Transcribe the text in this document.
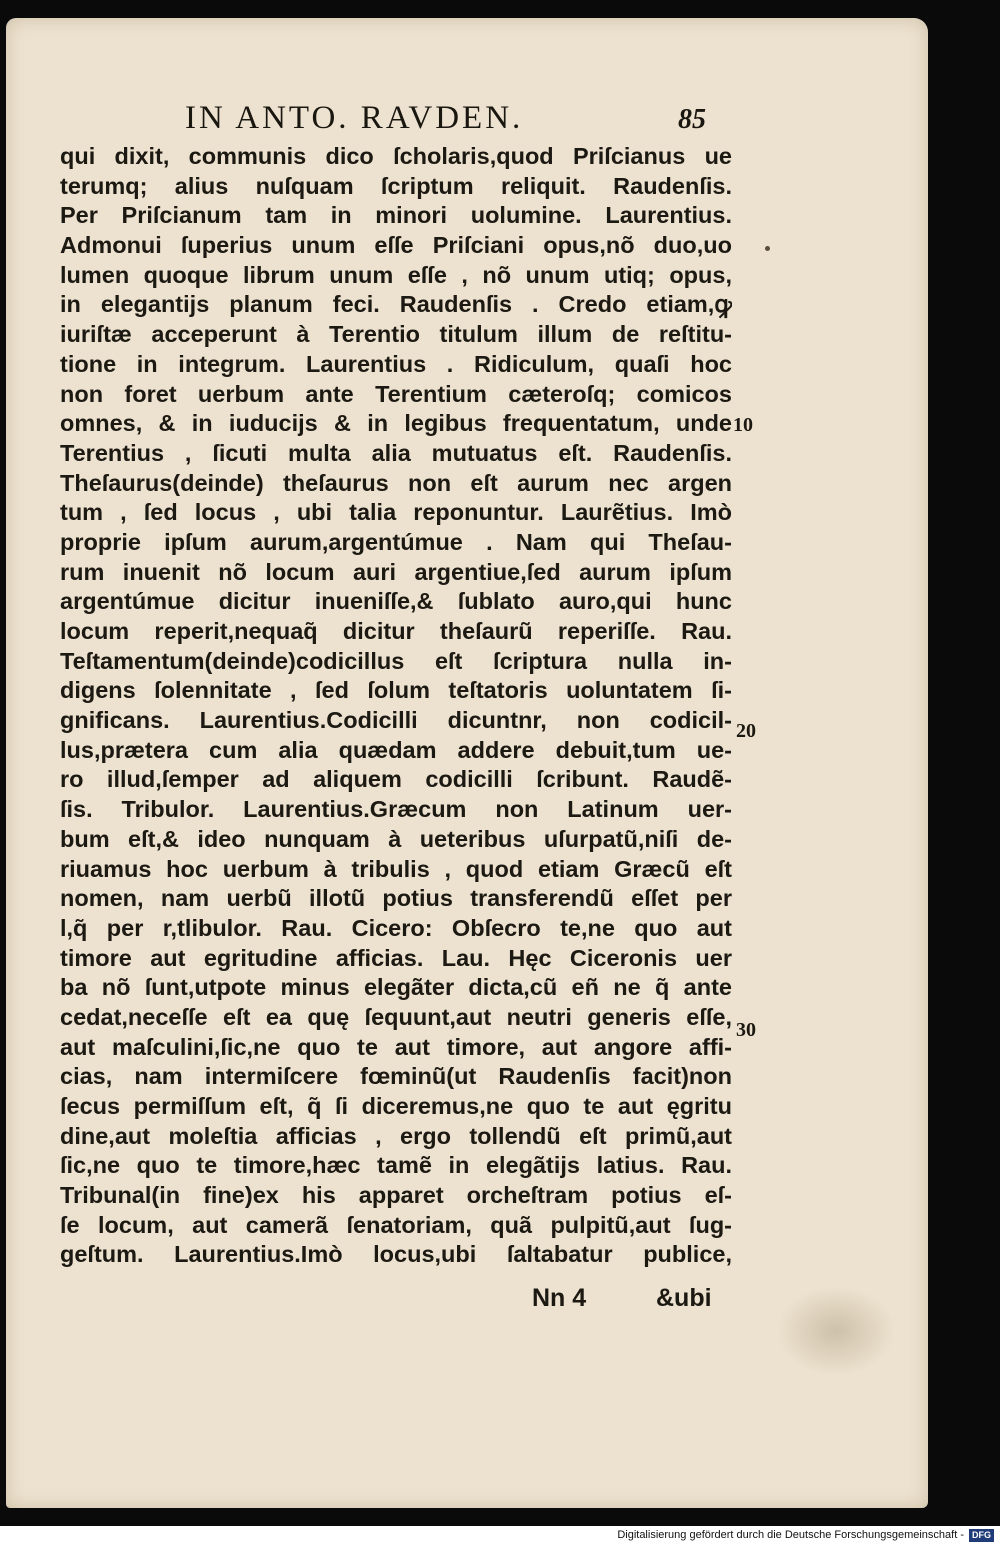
IN ANTO. RAVDEN.	85
qui dixit, communis dico ſcholaris,quod Priſcianus ue
terumq; alius nuſquam ſcriptum reliquit. Raudenſis.
Per Priſcianum tam in minori uolumine. Laurentius.
Admonui ſuperius unum eſſe Priſciani opus,nõ duo,uo
lumen quoque librum unum eſſe , nõ unum utiq; opus,
in elegantijs planum feci. Raudenſis . Credo etiam,ꝙ
iuriſtæ acceperunt à Terentio titulum illum de reſtitu-
tione in integrum. Laurentius . Ridiculum, quaſi hoc
non foret uerbum ante Terentium cæteroſq; comicos
omnes, & in iuducijs & in legibus frequentatum, unde
Terentius , ſicuti multa alia mutuatus eſt. Raudenſis.
Theſaurus(deinde) theſaurus non eſt aurum nec argen
tum , ſed locus , ubi talia reponuntur. Laurẽtius. Imò
proprie ipſum aurum,argentúmue . Nam qui Theſau-
rum inuenit nõ locum auri argentiue,ſed aurum ipſum
argentúmue dicitur inueniſſe,& ſublato auro,qui hunc
locum reperit,nequaq̃ dicitur theſaurũ reperiſſe. Rau.
Teſtamentum(deinde)codicillus eſt ſcriptura nulla in-
digens ſolennitate , ſed ſolum teſtatoris uoluntatem ſi-
gnificans. Laurentius.Codicilli dicuntnr, non codicil-
lus,prætera cum alia quædam addere debuit,tum ue-
ro illud,ſemper ad aliquem codicilli ſcribunt. Raudẽ-
ſis. Tribulor. Laurentius.Græcum non Latinum uer-
bum eſt,& ideo nunquam à ueteribus uſurpatũ,niſi de-
riuamus hoc uerbum à tribulis , quod etiam Græcũ eſt
nomen, nam uerbũ illotũ potius transferendũ eſſet per
l,q̃ per r,tlibulor. Rau. Cicero: Obſecro te,ne quo aut
timore aut egritudine afficias. Lau. Hęc Ciceronis uer
ba nõ ſunt,utpote minus elegãter dicta,cũ eñ ne q̃ ante
cedat,neceſſe eſt ea quę ſequunt,aut neutri generis eſſe,
aut maſculini,ſic,ne quo te aut timore, aut angore affi-
cias, nam intermiſcere fœminũ(ut Raudenſis facit)non
ſecus permiſſum eſt, q̃ ſi diceremus,ne quo te aut ęgritu
dine,aut moleſtia afficias , ergo tollendũ eſt primũ,aut
ſic,ne quo te timore,hæc tamẽ in elegãtijs latius. Rau.
Tribunal(in fine)ex his apparet orcheſtram potius eſ-
ſe locum, aut camerã ſenatoriam, quã pulpitũ,aut ſug-
geſtum. Laurentius.Imò locus,ubi ſaltabatur publice,
10
20
30
Nn 4	&ubi
Digitalisierung gefördert durch die Deutsche Forschungsgemeinschaft - DFG
